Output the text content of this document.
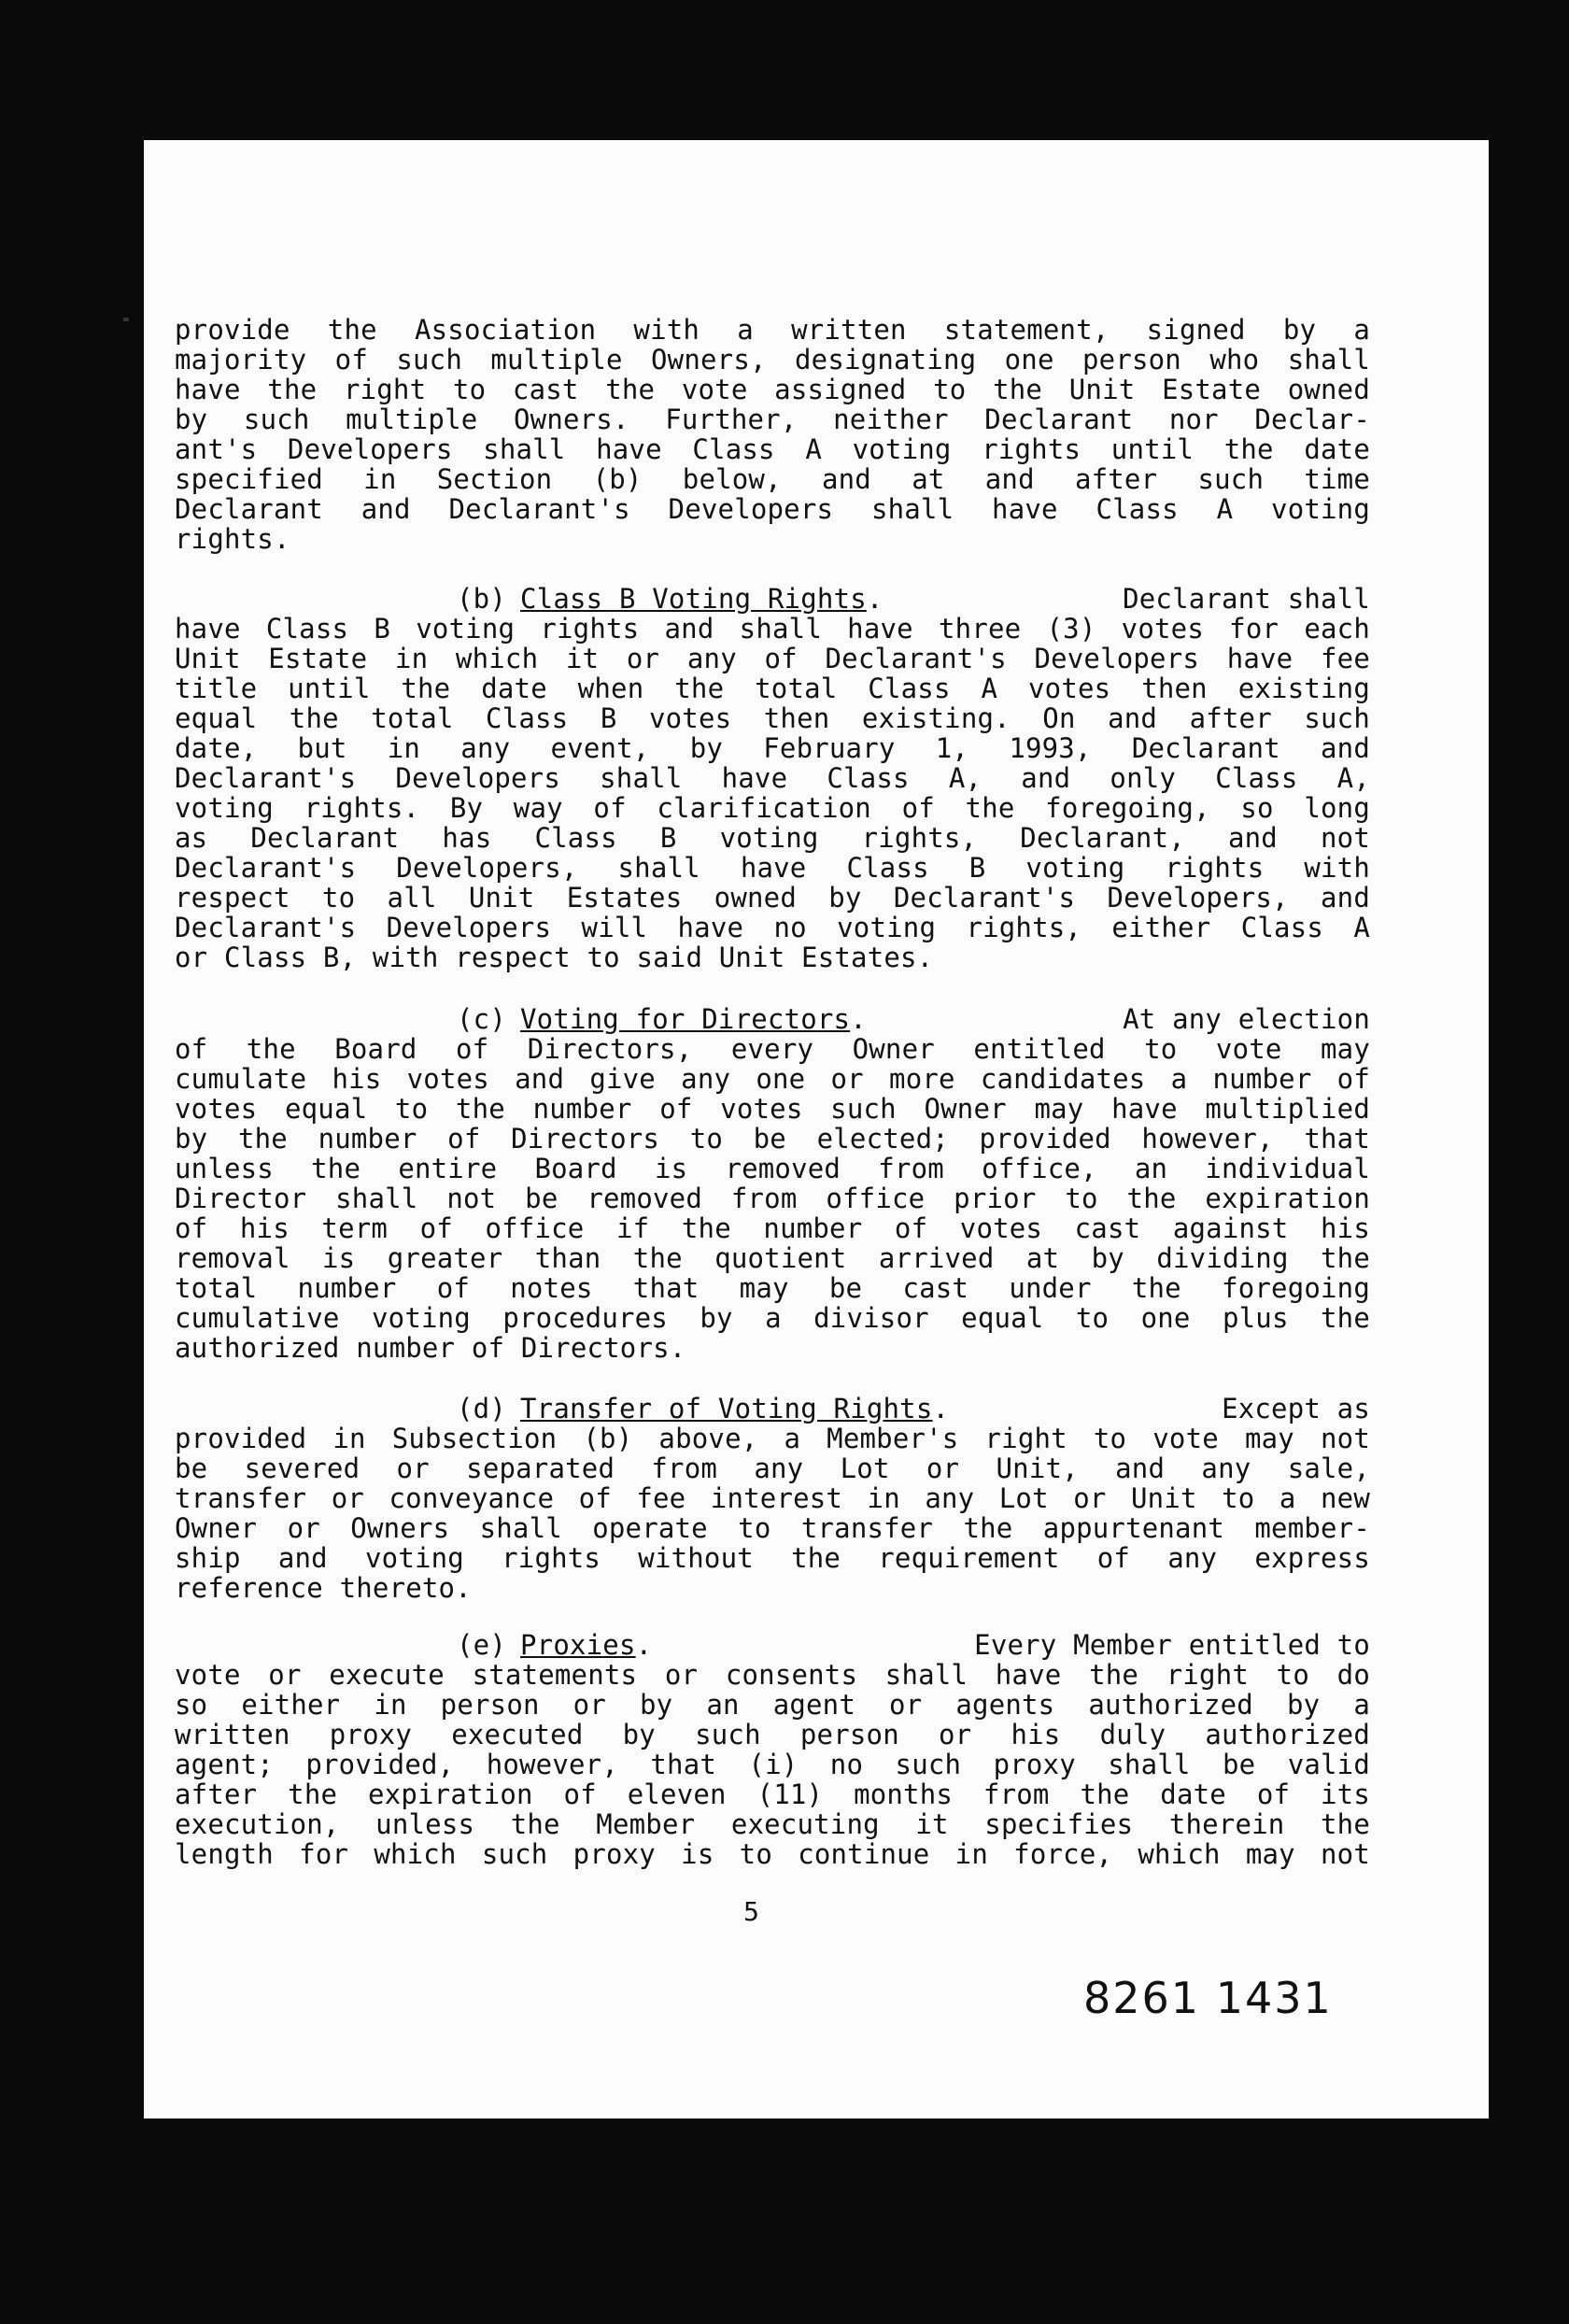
provide the Association with a written statement, signed by a
majority of such multiple Owners, designating one person who shall
have the right to cast the vote assigned to the Unit Estate owned
by such multiple Owners. Further, neither Declarant nor Declar-
ant's Developers shall have Class A voting rights until the date
specified in Section (b) below, and at and after such time
Declarant and Declarant's Developers shall have Class A voting
rights.
(b) Class B Voting Rights.	Declarant shall
have Class B voting rights and shall have three (3) votes for each
Unit Estate in which it or any of Declarant's Developers have fee
title until the date when the total Class A votes then existing
equal the total Class B votes then existing. On and after such
date, but in any event, by February 1, 1993, Declarant and
Declarant's Developers shall have Class A, and only Class A,
voting rights. By way of clarification of the foregoing, so long
as Declarant has Class B voting rights, Declarant, and not
Declarant's Developers, shall have Class B voting rights with
respect to all Unit Estates owned by Declarant's Developers, and
Declarant's Developers will have no voting rights, either Class A
or Class B, with respect to said Unit Estates.
(c) Voting for Directors.	At any election
of the Board of Directors, every Owner entitled to vote may
cumulate his votes and give any one or more candidates a number of
votes equal to the number of votes such Owner may have multiplied
by the number of Directors to be elected; provided however, that
unless the entire Board is removed from office, an individual
Director shall not be removed from office prior to the expiration
of his term of office if the number of votes cast against his
removal is greater than the quotient arrived at by dividing the
total number of notes that may be cast under the foregoing
cumulative voting procedures by a divisor equal to one plus the
authorized number of Directors.
(d) Transfer of Voting Rights.	Except as
provided in Subsection (b) above, a Member's right to vote may not
be severed or separated from any Lot or Unit, and any sale,
transfer or conveyance of fee interest in any Lot or Unit to a new
Owner or Owners shall operate to transfer the appurtenant member-
ship and voting rights without the requirement of any express
reference thereto.
(e) Proxies.	Every Member entitled to
vote or execute statements or consents shall have the right to do
so either in person or by an agent or agents authorized by a
written proxy executed by such person or his duly authorized
agent; provided, however, that (i) no such proxy shall be valid
after the expiration of eleven (11) months from the date of its
execution, unless the Member executing it specifies therein the
length for which such proxy is to continue in force, which may not
5
8261 1431
